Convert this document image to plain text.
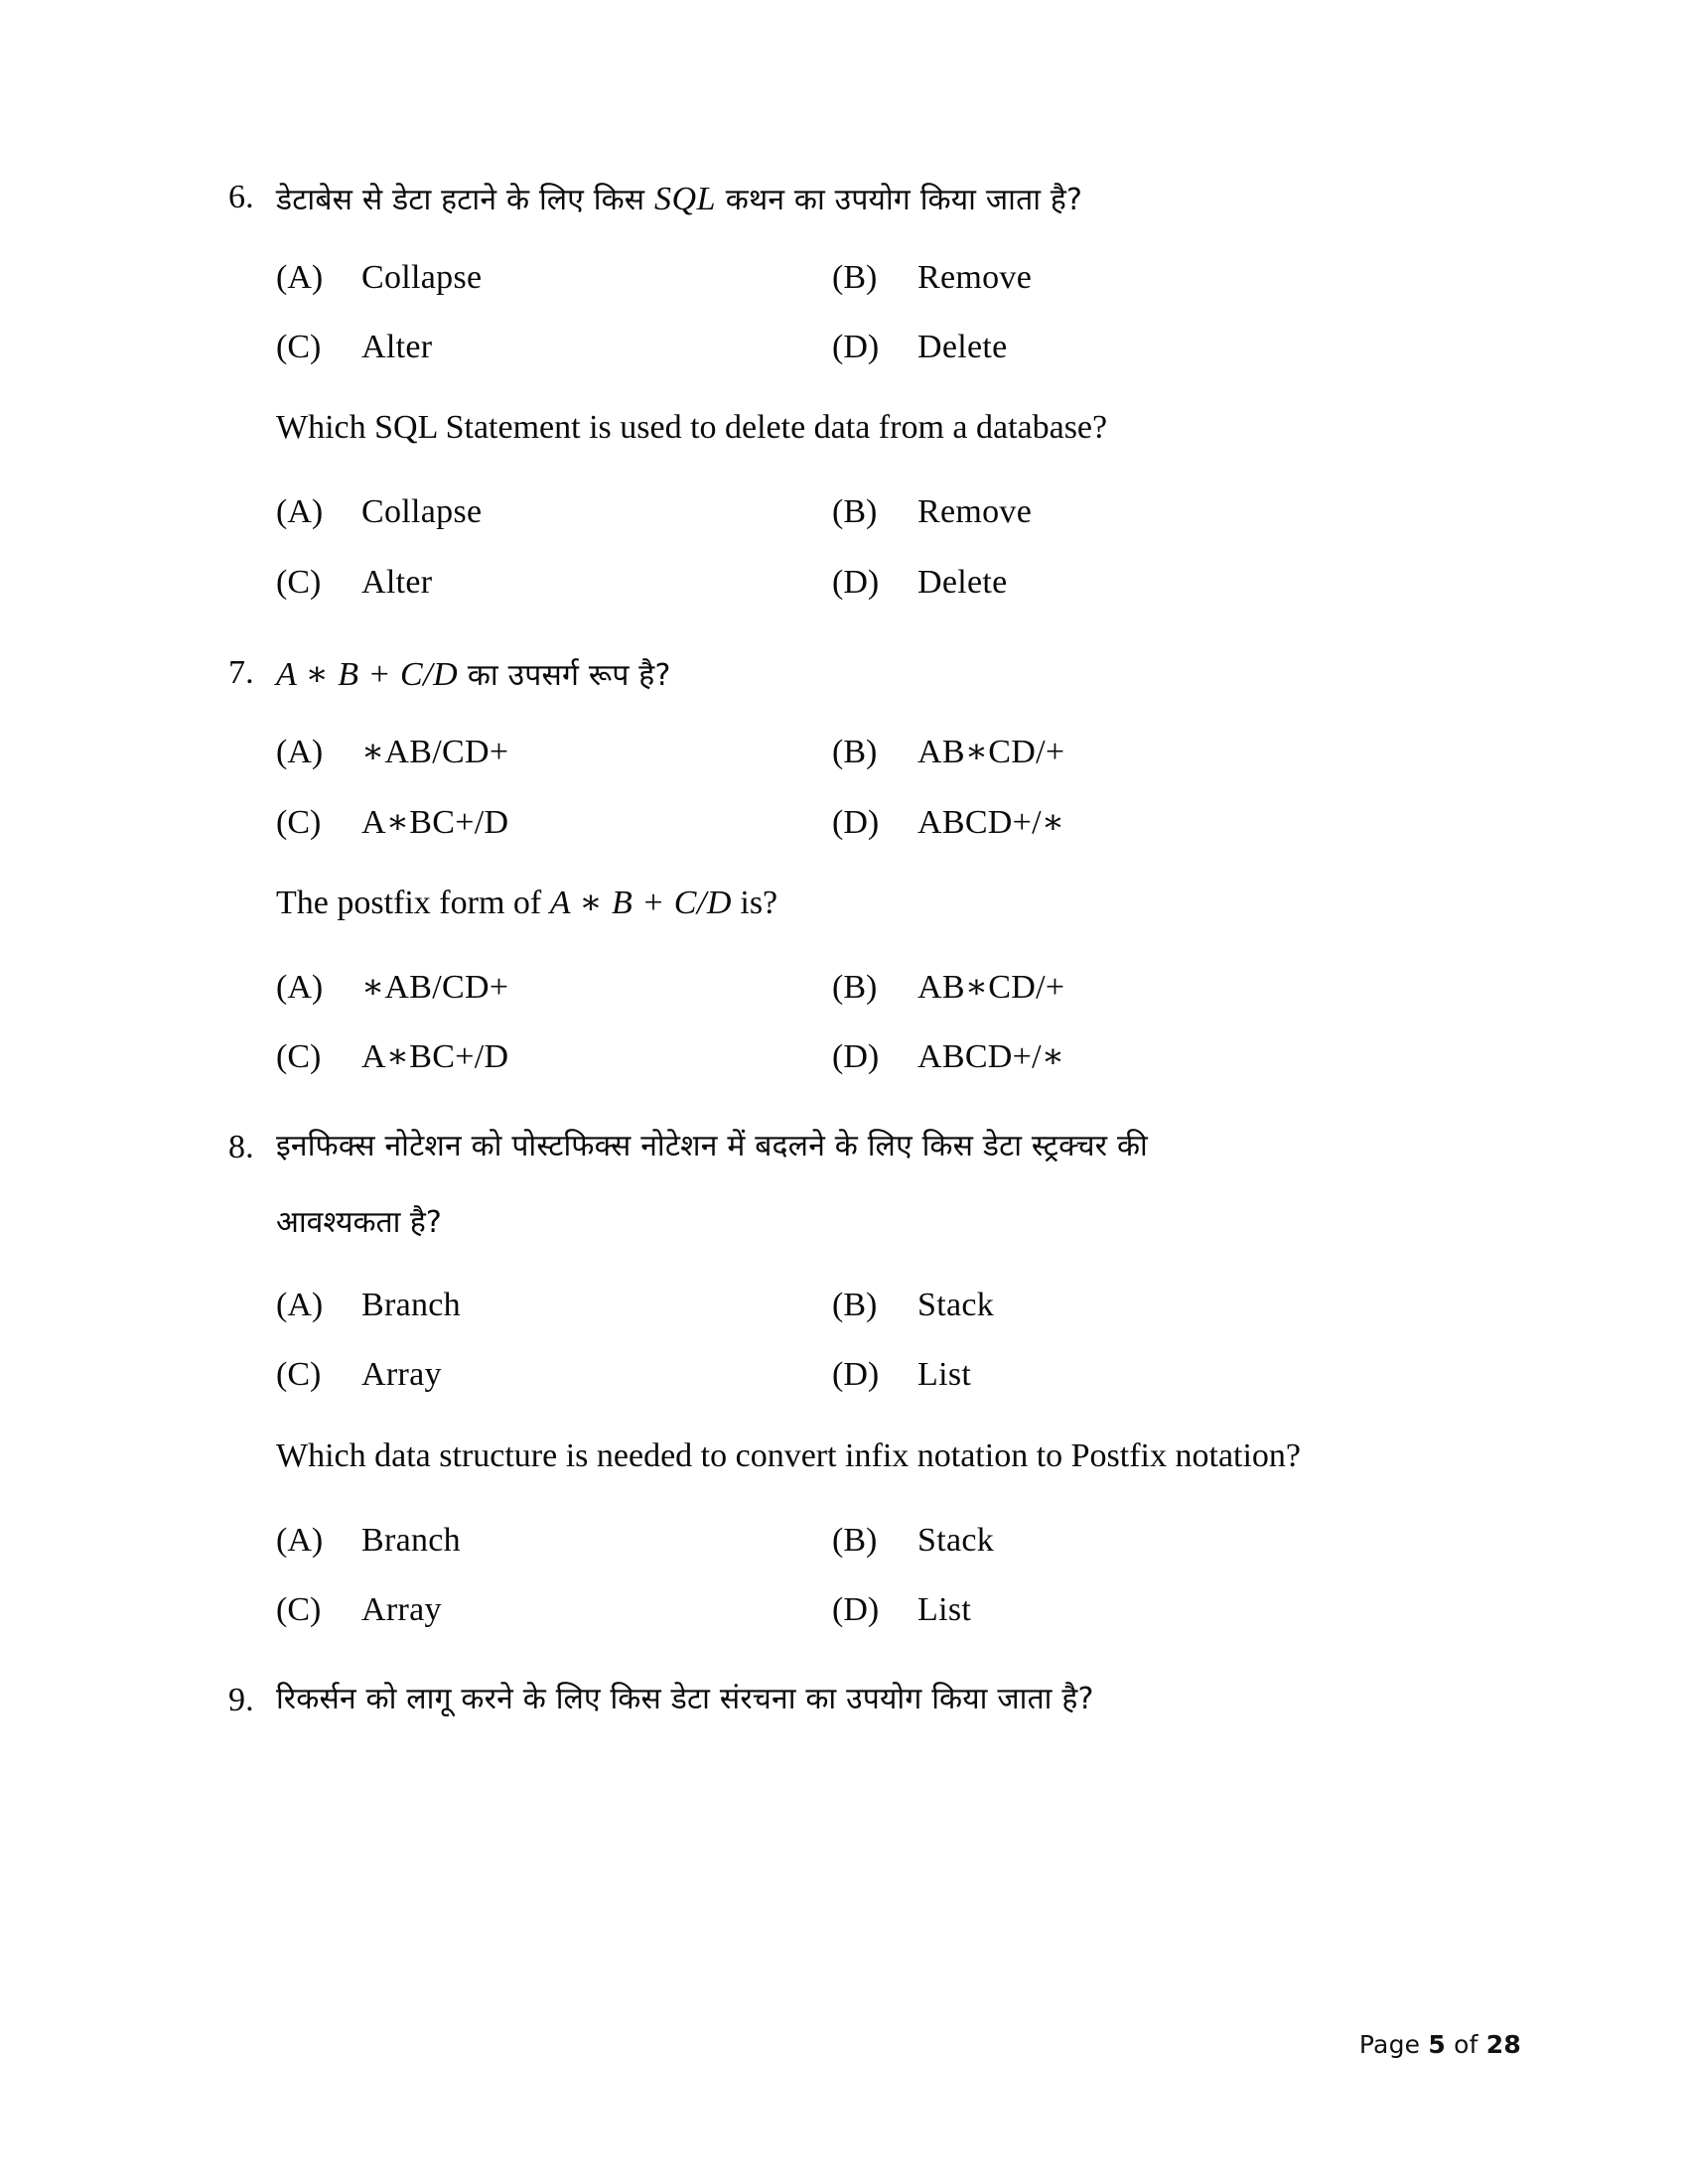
6. डेटाबेस से डेटा हटाने के लिए किस SQL कथन का उपयोग किया जाता है?
(A)	Collapse	(B)	Remove
(C)	Alter	(D)	Delete
Which SQL Statement is used to delete data from a database?
(A)	Collapse	(B)	Remove
(C)	Alter	(D)	Delete
7. A ∗ B + C/D का उपसर्ग रूप है?
(A)	∗AB/CD+	(B)	AB∗CD/+
(C)	A∗BC+/D	(D)	ABCD+/∗
The postfix form of A ∗ B + C/D is?
(A)	∗AB/CD+	(B)	AB∗CD/+
(C)	A∗BC+/D	(D)	ABCD+/∗
8. इनफिक्स नोटेशन को पोस्टफिक्स नोटेशन में बदलने के लिए किस डेटा स्ट्रक्चर की
आवश्यकता है?
(A)	Branch	(B)	Stack
(C)	Array	(D)	List
Which data structure is needed to convert infix notation to Postfix notation?
(A)	Branch	(B)	Stack
(C)	Array	(D)	List
9. रिकर्सन को लागू करने के लिए किस डेटा संरचना का उपयोग किया जाता है?
Page 5 of 28
